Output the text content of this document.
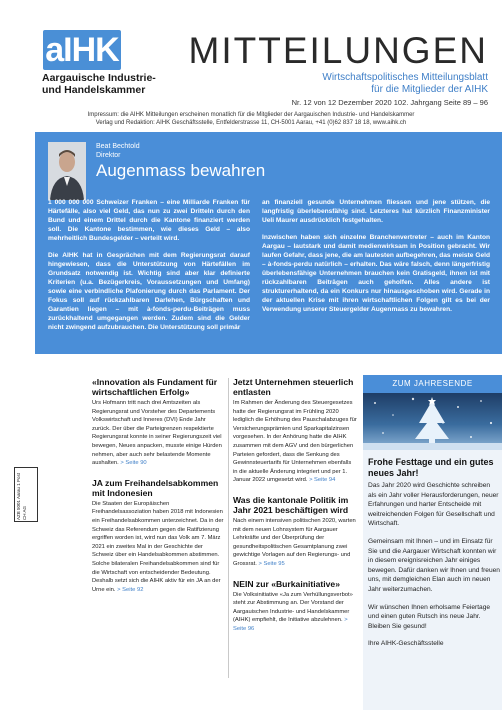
aIHK
Aargauische Industrie-
und Handelskammer
MITTEILUNGEN
Wirtschaftspolitisches Mitteilungsblatt
für die Mitglieder der AIHK
Nr. 12 von 12 Dezember 2020 102. Jahrgang Seite 89 – 96
Impressum: die AIHK Mitteilungen erscheinen monatlich für die Mitglieder der Aargauischen Industrie- und Handelskammer
Verlag und Redaktion: AIHK Geschäftsstelle, Entfelderstrasse 11, CH-5001 Aarau, +41 (0)62 837 18 18, www.aihk.ch
Beat Bechtold
Direktor
Augenmass bewahren

1 000 000 000 Schweizer Franken – eine Milliarde Franken für Härtefälle, also viel Geld, das nun zu zwei Dritteln durch den Bund und einem Drittel durch die Kantone finanziert werden soll. Die Kantone bestimmen, wie dieses Geld – also mehrheitlich Bundesgelder – verteilt wird.

Die AIHK hat in Gesprächen mit dem Regierungsrat darauf hingewiesen, dass die Unterstützung von Härtefällen im Grundsatz notwendig ist. Wichtig sind aber klar definierte Kriterien (u.a. Bezügerkreis, Voraussetzungen und Umfang) sowie eine verbindliche Plafonierung durch das Parlament. Der Fokus soll auf rückzahlbaren Darlehen, Bürgschaften und Garantien liegen – mit à-fonds-perdu-Beiträgen muss zurückhaltend umgegangen werden. Zudem sind die Gelder nicht zwingend aufzubrauchen. Die Unterstützung soll primär

an finanziell gesunde Unternehmen fliessen und jene stützen, die langfristig überlebensfähig sind. Letzteres hat kürzlich Finanzminister Ueli Maurer ausdrücklich festgehalten.

Inzwischen haben sich einzelne Branchenvertreter – auch im Kanton Aargau – lautstark und damit medienwirksam in Position gebracht. Wir laufen Gefahr, dass jene, die am lautesten aufbegehren, das meiste Geld – à-fonds-perdu natürlich – erhalten. Das wäre falsch, denn längerfristig überlebensfähige Unternehmen brauchen kein Gratisgeld, ihnen ist mit rückzahlbaren Beiträgen auch geholfen. Alles andere ist strukturerhaltend, da ein Konkurs nur hinausgeschoben wird. Gerade in der aktuellen Krise mit ihren wirtschaftlichen Folgen gilt es bei der Verwendung unserer Steuergelder Augenmass zu bewahren.

AZB 5001 Aarau 1 Post CH AG
«Innovation als Fundament für wirtschaftlichen Erfolg»

Urs Hofmann tritt nach drei Amtszeiten als Regierungsrat und Vorsteher des Departements Volkswirtschaft und Inneres (DVI) Ende Jahr zurück. Der über die Parteigrenzen respektierte Regierungsrat konnte in seiner Regierungszeit viel bewegen, Neues anpacken, musste einige Hürden nehmen, aber auch sehr belastende Momente aushalten. > Seite 90

JA zum Freihandelsabkommen mit Indonesien

Die Staaten der Europäischen Freihandelsassoziation haben 2018 mit Indonesien ein Freihandelsabkommen unterzeichnet. Da in der Schweiz das Referendum gegen die Ratifizierung ergriffen worden ist, wird nun das Volk am 7. März 2021 ein zweites Mal in der Geschichte der Schweiz über ein Handelsabkommen abstimmen. Solche bilateralen Freihandelsabkommen sind für die Wirtschaft von entscheidender Bedeutung. Deshalb setzt sich die AIHK aktiv für ein JA an der Urne ein. > Seite 92

Jetzt Unternehmen steuerlich entlasten

Im Rahmen der Änderung des Steuergesetzes hatte der Regierungsrat im Frühling 2020 lediglich die Erhöhung des Pauschalabzuges für Versicherungsprämien und Sparkapitalzinsen vorgesehen. In der Anhörung hatte die AIHK zusammen mit dem AGV und den bürgerlichen Parteien gefordert, dass die Senkung des Gewinnsteuertarifs für Unternehmen ebenfalls in die aktuelle Änderung integriert und per 1. Januar 2022 umgesetzt wird. > Seite 94

Was die kantonale Politik im Jahr 2021 beschäftigen wird

Nach einem intensiven politischen 2020, warten mit dem neuen Lohnsystem für Aargauer Lehrkräfte und der Überprüfung der gesundheitspolitischen Gesamtplanung zwei gewichtige Vorlagen auf den Regierungs- und Grossrat. > Seite 95

NEIN zur «Burkainitiative»

Die Volksinitiative «Ja zum Verhüllungsverbot» steht zur Abstimmung an. Der Vorstand der Aargauischen Industrie- und Handelskammer (AIHK) empfiehlt, die Initiative abzulehnen. > Seite 96

ZUM JAHRESENDE
Frohe Festtage und ein gutes neues Jahr!

Das Jahr 2020 wird Geschichte schreiben als ein Jahr voller Herausforderungen, neuer Erfahrungen und harter Entscheide mit weitreichenden Folgen für Gesellschaft und Wirtschaft.

Gemeinsam mit Ihnen – und im Einsatz für Sie und die Aargauer Wirtschaft konnten wir in diesem ereignisreichen Jahr einiges bewegen. Dafür danken wir Ihnen und freuen uns, mit demgleichen Elan auch im neuen Jahr weiterzumachen.

Wir wünschen Ihnen erholsame Feiertage und einen guten Rutsch ins neue Jahr. Bleiben Sie gesund!

Ihre AIHK-Geschäftsstelle
